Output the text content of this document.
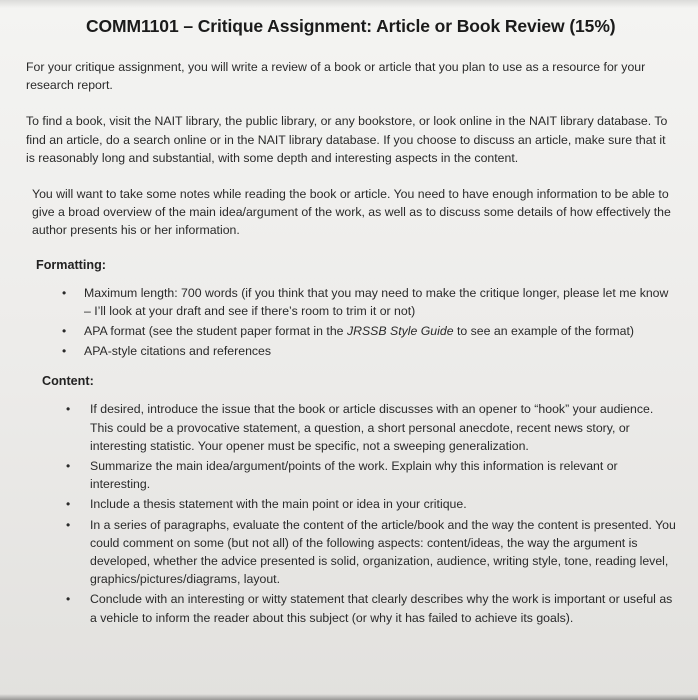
COMM1101 – Critique Assignment: Article or Book Review (15%)

For your critique assignment, you will write a review of a book or article that you plan to use as a resource for your research report.

To find a book, visit the NAIT library, the public library, or any bookstore, or look online in the NAIT library database. To find an article, do a search online or in the NAIT library database. If you choose to discuss an article, make sure that it is reasonably long and substantial, with some depth and interesting aspects in the content.

You will want to take some notes while reading the book or article. You need to have enough information to be able to give a broad overview of the main idea/argument of the work, as well as to discuss some details of how effectively the author presents his or her information.

Formatting:
• Maximum length: 700 words (if you think that you may need to make the critique longer, please let me know – I’ll look at your draft and see if there’s room to trim it or not)
• APA format (see the student paper format in the JRSSB Style Guide to see an example of the format)
• APA-style citations and references
Content:
• If desired, introduce the issue that the book or article discusses with an opener to “hook” your audience. This could be a provocative statement, a question, a short personal anecdote, recent news story, or interesting statistic. Your opener must be specific, not a sweeping generalization.
• Summarize the main idea/argument/points of the work. Explain why this information is relevant or interesting.
• Include a thesis statement with the main point or idea in your critique.
• In a series of paragraphs, evaluate the content of the article/book and the way the content is presented. You could comment on some (but not all) of the following aspects: content/ideas, the way the argument is developed, whether the advice presented is solid, organization, audience, writing style, tone, reading level, graphics/pictures/diagrams, layout.
• Conclude with an interesting or witty statement that clearly describes why the work is important or useful as a vehicle to inform the reader about this subject (or why it has failed to achieve its goals).
